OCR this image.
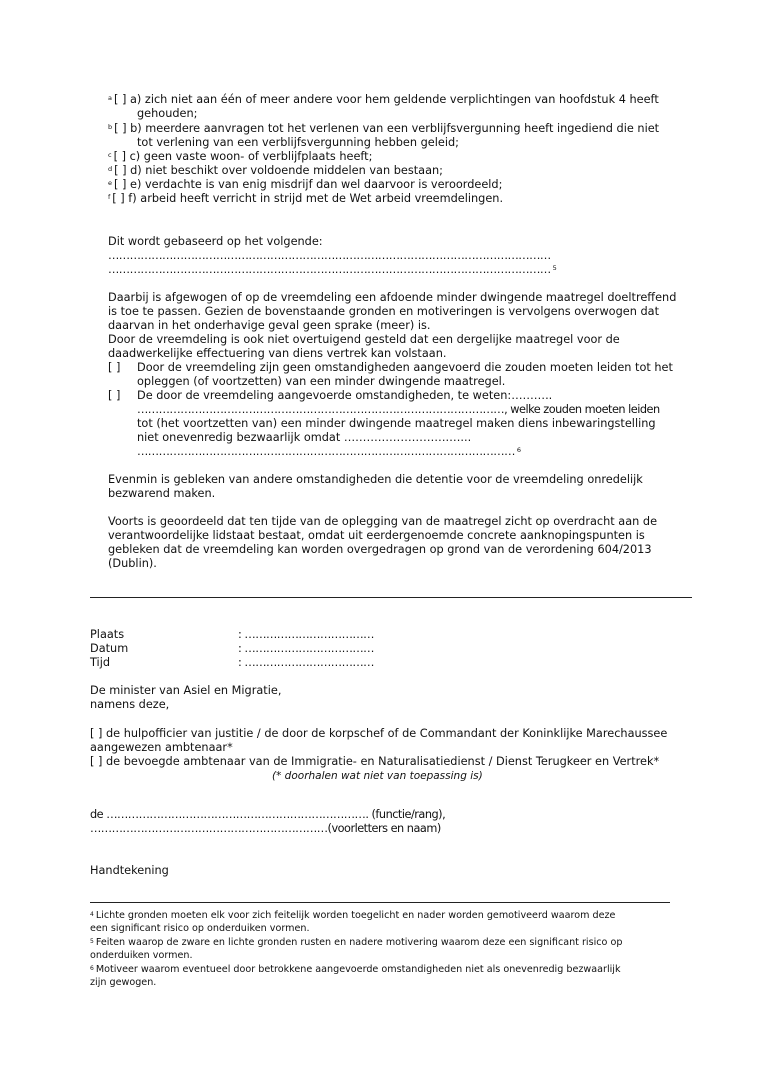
$^a$ [ ] a) zich niet aan één of meer andere voor hem geldende verplichtingen van hoofdstuk 4 heeft
gehouden;
$^b$ [ ] b) meerdere aanvragen tot het verlenen van een verblijfsvergunning heeft ingediend die niet
tot verlening van een verblijfsvergunning hebben geleid;
$^c$ [ ] c) geen vaste woon- of verblijfplaats heeft;
$^d$ [ ] d) niet beschikt over voldoende middelen van bestaan;
$^e$ [ ] e) verdachte is van enig misdrijf dan wel daarvoor is veroordeeld;
$^f$ [ ] f) arbeid heeft verricht in strijd met de Wet arbeid vreemdelingen.
Dit wordt gebaseerd op het volgende:
……………………………………………………………………………………………………………
…………………………………………………………………………………………………………… $^5$
Daarbij is afgewogen of op de vreemdeling een afdoende minder dwingende maatregel doeltreffend
is toe te passen. Gezien de bovenstaande gronden en motiveringen is vervolgens overwogen dat
daarvan in het onderhavige geval geen sprake (meer) is.
Door de vreemdeling is ook niet overtuigend gesteld dat een dergelijke maatregel voor de
daadwerkelijke effectuering van diens vertrek kan volstaan.
[ ] Door de vreemdeling zijn geen omstandigheden aangevoerd die zouden moeten leiden tot het
opleggen (of voortzetten) van een minder dwingende maatregel.
[ ] De door de vreemdeling aangevoerde omstandigheden, te weten:………..
…………………………………………………………………………………………, welke zouden moeten leiden
tot (het voortzetten van) een minder dwingende maatregel maken diens inbewaringstelling
niet onevenredig bezwaarlijk omdat ……………………….…...
…………………………………………………………………………………………… $^6$
Evenmin is gebleken van andere omstandigheden die detentie voor de vreemdeling onredelijk
bezwarend maken.
Voorts is geoordeeld dat ten tijde van de oplegging van de maatregel zicht op overdracht aan de
verantwoordelijke lidstaat bestaat, omdat uit eerdergenoemde concrete aanknopingspunten is
gebleken dat de vreemdeling kan worden overgedragen op grond van de verordening 604/2013
(Dublin).
Plaats	: ………………………………
Datum	: ………………………………
Tijd	: ………………………………
De minister van Asiel en Migratie,
namens deze,
[ ] de hulpofficier van justitie / de door de korpschef of de Commandant der Koninklijke Marechaussee
aangewezen ambtenaar*
[ ] de bevoegde ambtenaar van de Immigratie- en Naturalisatiedienst / Dienst Terugkeer en Vertrek*
(* doorhalen wat niet van toepassing is)
de ………………………………………………………………. (functie/rang),
…………………………………………………………(voorletters en naam)
Handtekening
$^4$ Lichte gronden moeten elk voor zich feitelijk worden toegelicht en nader worden gemotiveerd waarom deze
een significant risico op onderduiken vormen.
$^5$ Feiten waarop de zware en lichte gronden rusten en nadere motivering waarom deze een significant risico op
onderduiken vormen.
$^6$ Motiveer waarom eventueel door betrokkene aangevoerde omstandigheden niet als onevenredig bezwaarlijk
zijn gewogen.
